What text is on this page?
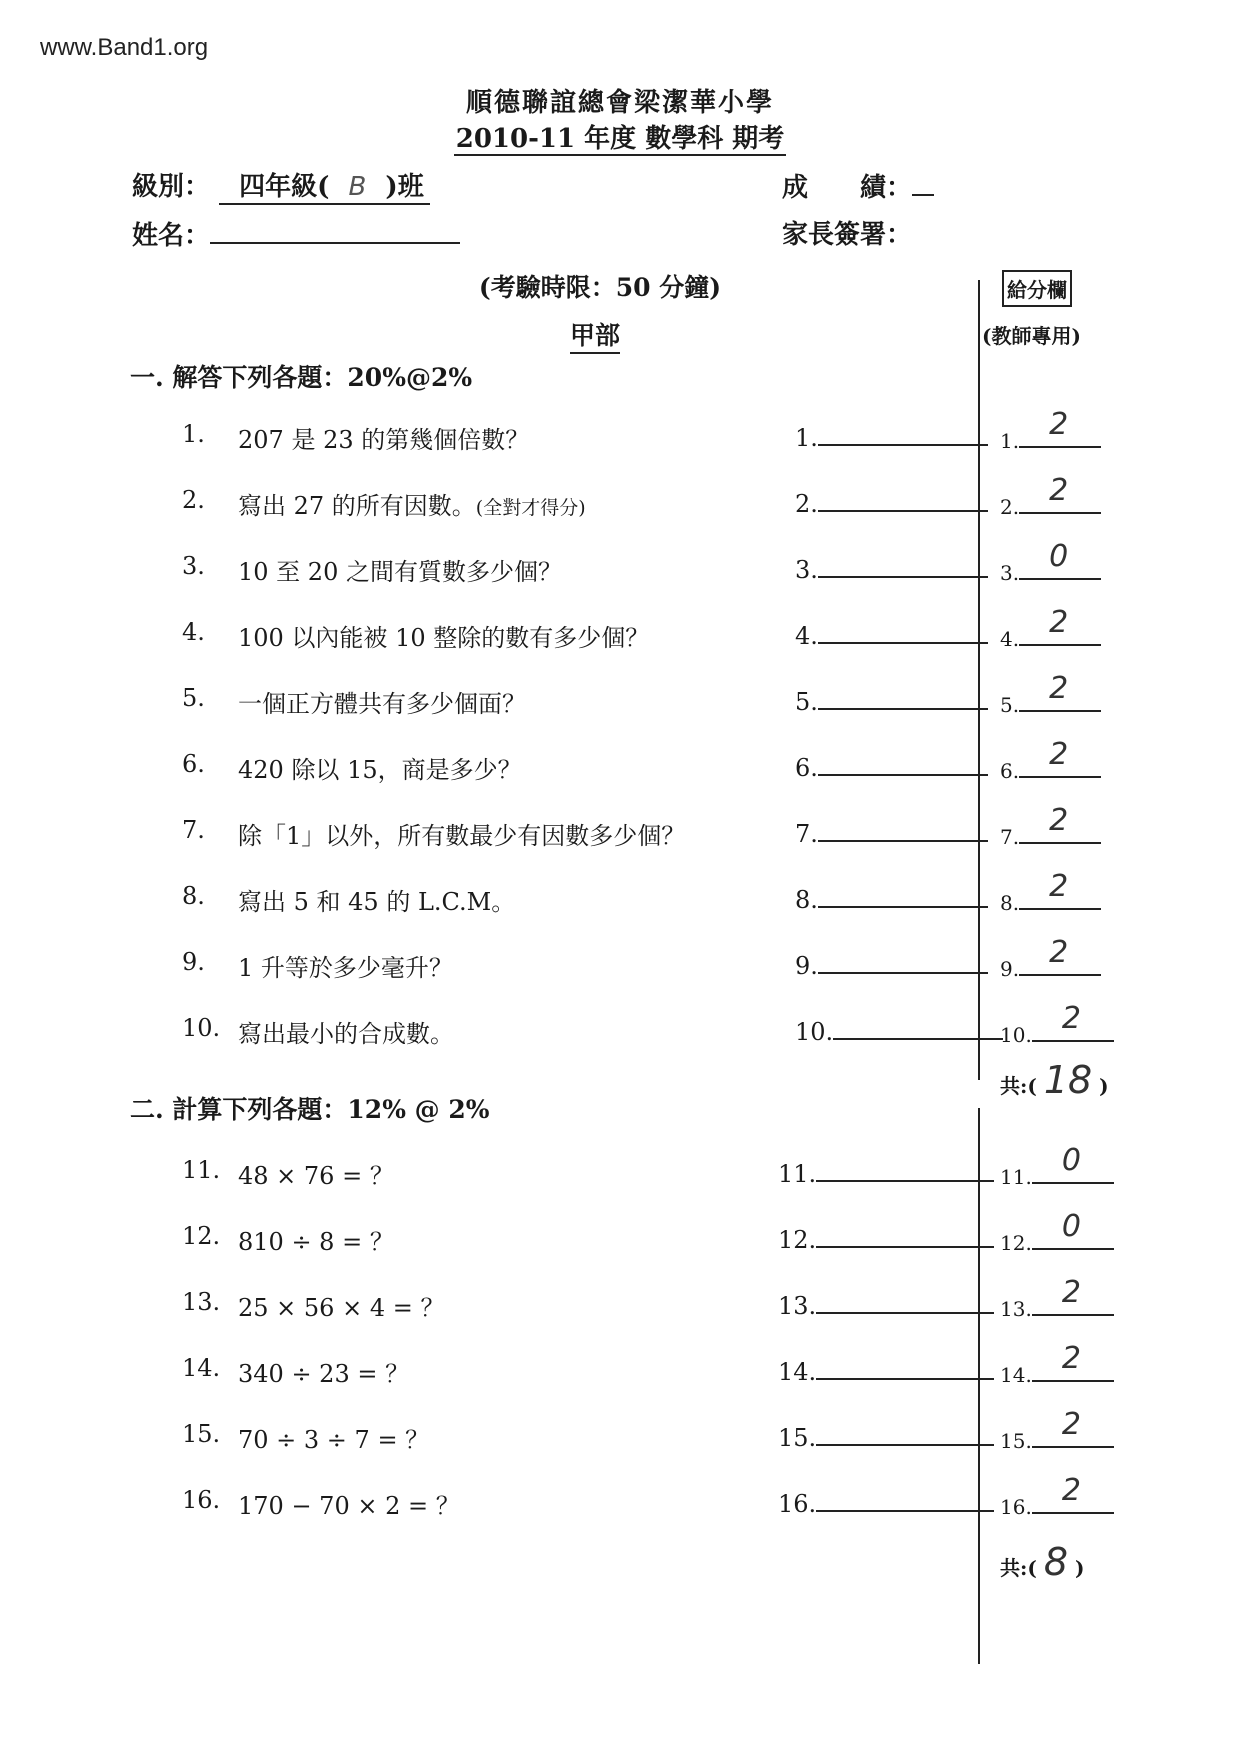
www.Band1.org
順德聯誼總會梁潔華小學
2010-11 年度 數學科 期考
級別： 四年級( B )班	成　　績：
姓名：	家長簽署：
(考驗時限：50 分鐘)
甲部
給分欄
(教師專用)
一. 解答下列各題：20%@2%
1. 207 是 23 的第幾個倍數？	1.	1. 2
2. 寫出 27 的所有因數。(全對才得分)	2.	2. 2
3. 10 至 20 之間有質數多少個？	3.	3. 0
4. 100 以內能被 10 整除的數有多少個？	4.	4. 2
5. 一個正方體共有多少個面？	5.	5. 2
6. 420 除以 15，商是多少？	6.	6. 2
7. 除「1」以外，所有數最少有因數多少個？	7.	7. 2
8. 寫出 5 和 45 的 L.C.M。	8.	8. 2
9. 1 升等於多少毫升？	9.	9. 2
10. 寫出最小的合成數。	10.	10. 2
共:( 18 )
二. 計算下列各題：12% @ 2%
11. 48 × 76 = ？	11.	11. 0
12. 810 ÷ 8 = ？	12.	12. 0
13. 25 × 56 × 4 = ？	13.	13. 2
14. 340 ÷ 23 = ？	14.	14. 2
15. 70 ÷ 3 ÷ 7 = ？	15.	15. 2
16. 170 − 70 × 2 = ？	16.	16. 2
共:( 8 )
